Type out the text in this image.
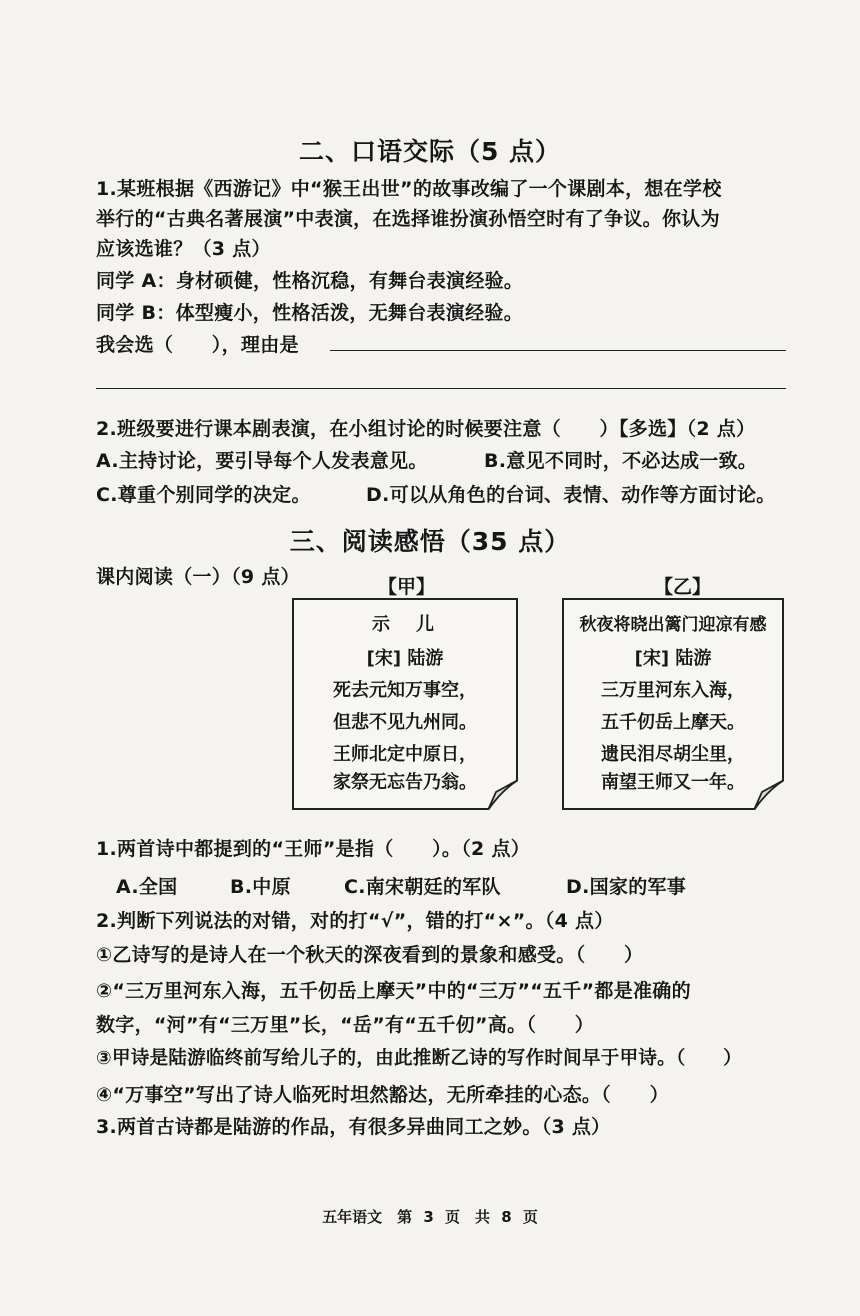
二、口语交际（5 点）
1.某班根据《西游记》中“猴王出世”的故事改编了一个课剧本，想在学校
举行的“古典名著展演”中表演，在选择谁扮演孙悟空时有了争议。你认为
应该选谁？（3 点）
同学 A：身材硕健，性格沉稳，有舞台表演经验。
同学 B：体型瘦小，性格活泼，无舞台表演经验。
我会选（　　），理由是
2.班级要进行课本剧表演，在小组讨论的时候要注意（　　）【多选】（2 点）
A.主持讨论，要引导每个人发表意见。	B.意见不同时，不必达成一致。
C.尊重个别同学的决定。	D.可以从角色的台词、表情、动作等方面讨论。
三、阅读感悟（35 点）
课内阅读（一）（9 点）	【甲】
示　儿
[宋] 陆游
死去元知万事空，
但悲不见九州同。
王师北定中原日，
家祭无忘告乃翁。
【乙】
秋夜将晓出篱门迎凉有感
[宋] 陆游
三万里河东入海，
五千仞岳上摩天。
遗民泪尽胡尘里，
南望王师又一年。
1.两首诗中都提到的“王师”是指（　　）。（2 点）
A.全国	B.中原	C.南宋朝廷的军队	D.国家的军事
2.判断下列说法的对错，对的打“√”，错的打“×”。（4 点）
①乙诗写的是诗人在一个秋天的深夜看到的景象和感受。（　　）
②“三万里河东入海，五千仞岳上摩天”中的“三万”“五千”都是准确的
数字，“河”有“三万里”长，“岳”有“五千仞”高。（　　）
③甲诗是陆游临终前写给儿子的，由此推断乙诗的写作时间早于甲诗。（　　）
④“万事空”写出了诗人临死时坦然豁达，无所牵挂的心态。（　　）
3.两首古诗都是陆游的作品，有很多异曲同工之妙。（3 点）
五年语文　第 3 页　共 8 页
